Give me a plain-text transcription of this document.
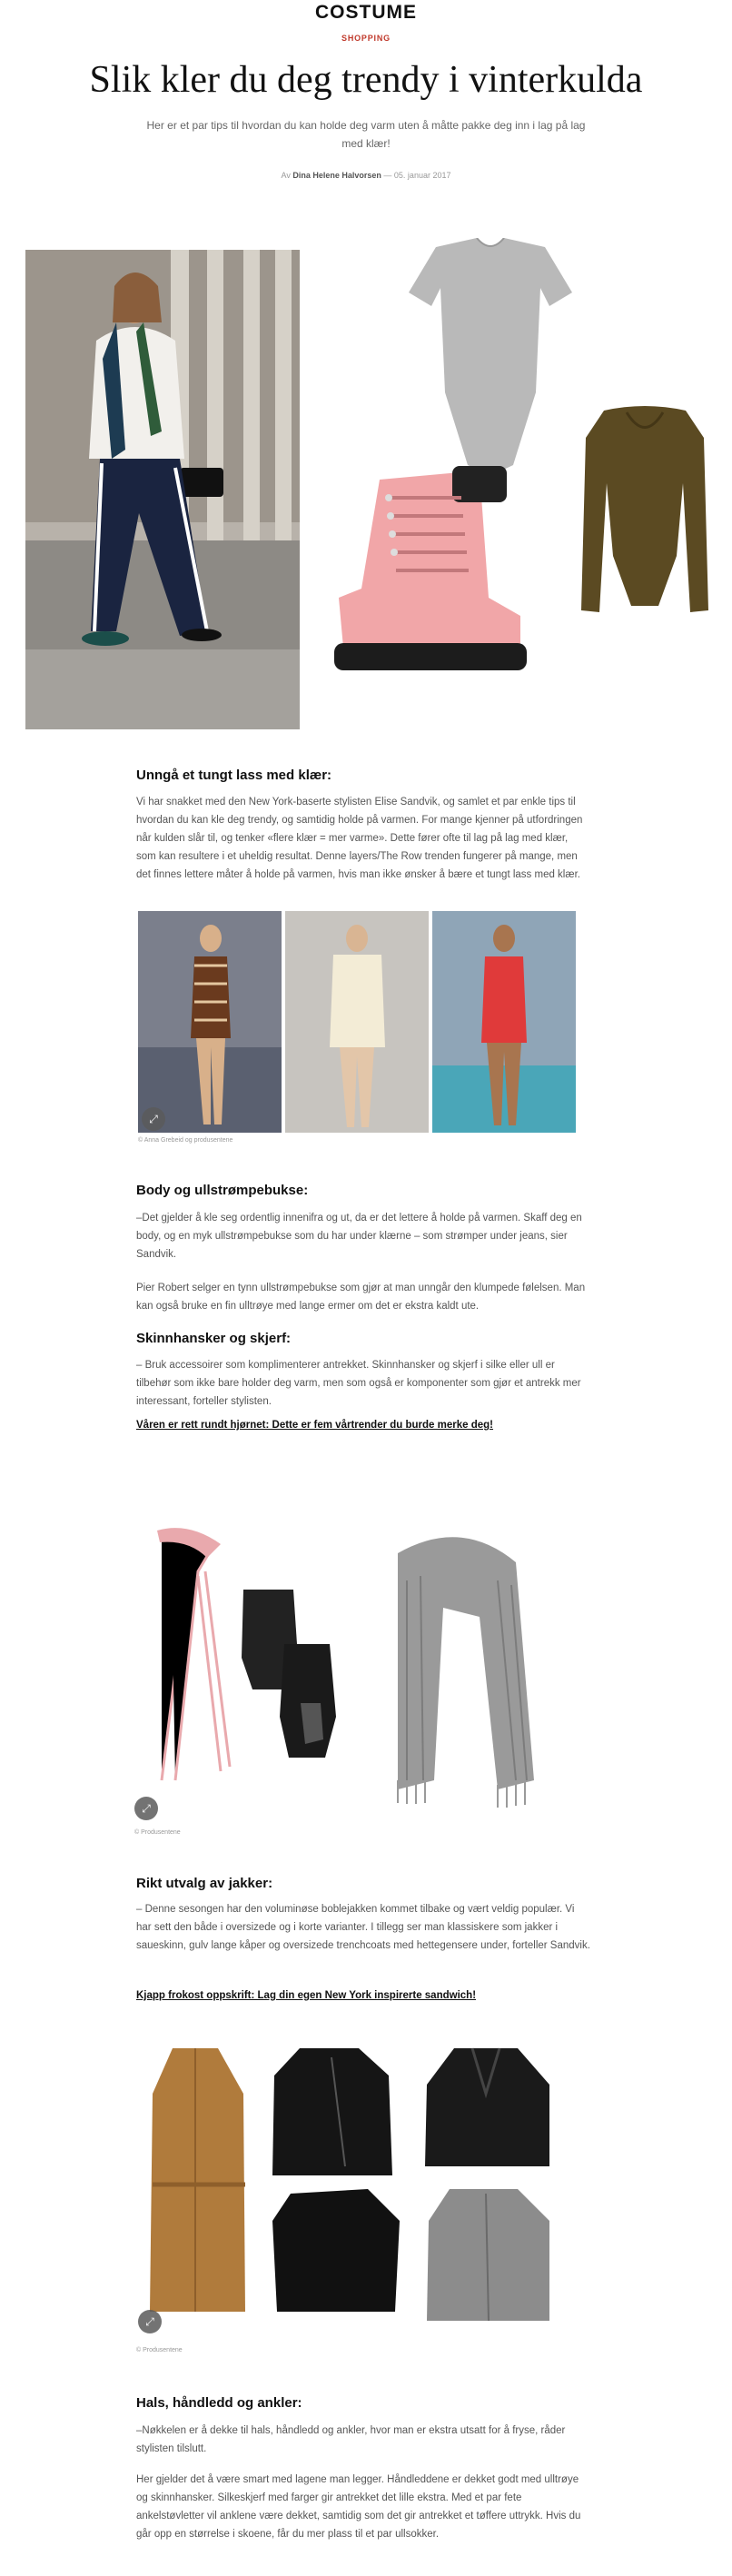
COSTUME
SHOPPING
Slik kler du deg trendy i vinterkulda
Her er et par tips til hvordan du kan holde deg varm uten å måtte pakke deg inn i lag på lag med klær!
Av Dina Helene Halvorsen — 05. januar 2017
Unngå et tungt lass med klær:

Vi har snakket med den New York-baserte stylisten Elise Sandvik, og samlet et par enkle tips til hvordan du kan kle deg trendy, og samtidig holde på varmen. For mange kjenner på utfordringen når kulden slår til, og tenker «flere klær = mer varme». Dette fører ofte til lag på lag med klær, som kan resultere i et uheldig resultat. Denne layers/The Row trenden fungerer på mange, men det finnes lettere måter å holde på varmen, hvis man ikke ønsker å bære et tungt lass med klær.

⤢
© Anna Grebeid og produsentene
Body og ullstrømpebukse:

–Det gjelder å kle seg ordentlig innenifra og ut, da er det lettere å holde på varmen. Skaff deg en body, og en myk ullstrømpebukse som du har under klærne – som strømper under jeans, sier Sandvik.

Pier Robert selger en tynn ullstrømpebukse som gjør at man unngår den klumpede følelsen. Man kan også bruke en fin ulltrøye med lange ermer om det er ekstra kaldt ute.

Skinnhansker og skjerf:

– Bruk accessoirer som komplimenterer antrekket. Skinnhansker og skjerf i silke eller ull er tilbehør som ikke bare holder deg varm, men som også er komponenter som gjør et antrekk mer interessant, forteller stylisten.

Våren er rett rundt hjørnet: Dette er fem vårtrender du burde merke deg!
⤢
© Produsentene
Rikt utvalg av jakker:

– Denne sesongen har den voluminøse boblejakken kommet tilbake og vært veldig populær. Vi har sett den både i oversizede og i korte varianter. I tillegg ser man klassiskere som jakker i saueskinn, gulv lange kåper og oversizede trenchcoats med hettegensere under, forteller Sandvik.

Kjapp frokost oppskrift: Lag din egen New York inspirerte sandwich!
⤢
© Produsentene
Hals, håndledd og ankler:

–Nøkkelen er å dekke til hals, håndledd og ankler, hvor man er ekstra utsatt for å fryse, råder stylisten tilslutt.

Her gjelder det å være smart med lagene man legger. Håndleddene er dekket godt med ulltrøye og skinnhansker. Silkeskjerf med farger gir antrekket det lille ekstra. Med et par fete ankelstøvletter vil anklene være dekket, samtidig som det gir antrekket et tøffere uttrykk. Hvis du går opp en størrelse i skoene, får du mer plass til et par ullsokker.
